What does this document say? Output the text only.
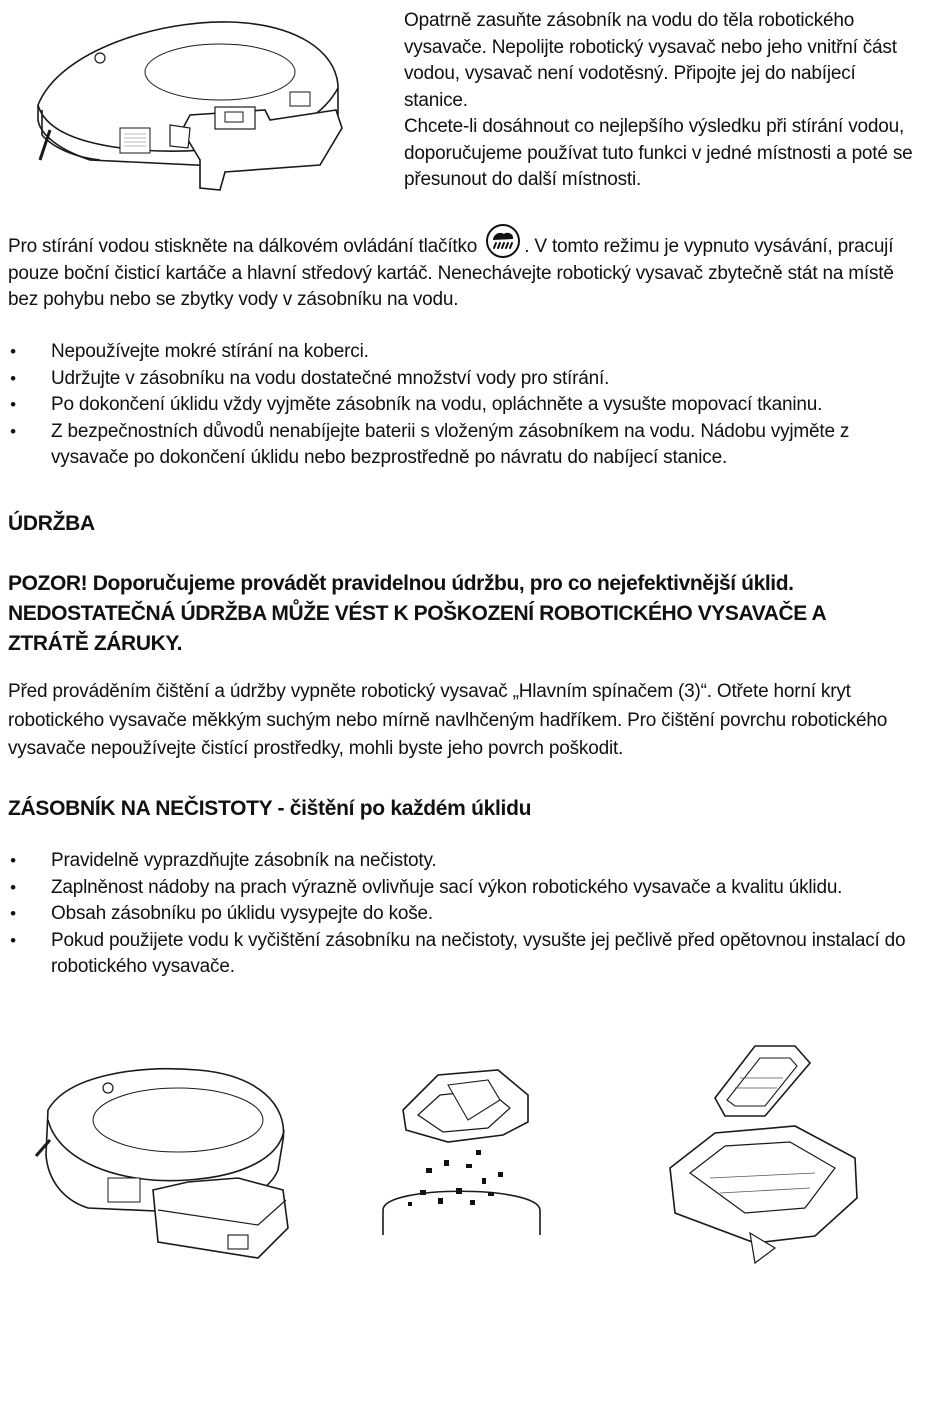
Opatrně zasuňte zásobník na vodu do těla robotického vysavače. Nepolijte robotický vysavač nebo jeho vnitřní část vodou, vysavač není vodotěsný. Připojte jej do nabíjecí stanice.

Chcete-li dosáhnout co nejlepšího výsledku při stírání vodou, doporučujeme používat tuto funkci v jedné místnosti a poté se přesunout do další místnosti.

Pro stírání vodou stiskněte na dálkovém ovládání tlačítko . V tomto režimu je vypnuto vysávání, pracují pouze boční čisticí kartáče a hlavní středový kartáč. Nenechávejte robotický vysavač zbytečně stát na místě bez pohybu nebo se zbytky vody v zásobníku na vodu.
• Nepoužívejte mokré stírání na koberci.
• Udržujte v zásobníku na vodu dostatečné množství vody pro stírání.
• Po dokončení úklidu vždy vyjměte zásobník na vodu, opláchněte a vysušte mopovací tkaninu.
• Z bezpečnostních důvodů nenabíjejte baterii s vloženým zásobníkem na vodu. Nádobu vyjměte z vysavače po dokončení úklidu nebo bezprostředně po návratu do nabíjecí stanice.
ÚDRŽBA
POZOR! Doporučujeme provádět pravidelnou údržbu, pro co nejefektivnější úklid.
NEDOSTATEČNÁ ÚDRŽBA MŮŽE VÉST K POŠKOZENÍ ROBOTICKÉHO VYSAVAČE A ZTRÁTĚ ZÁRUKY.
Před prováděním čištění a údržby vypněte robotický vysavač „Hlavním spínačem (3)“. Otřete horní kryt robotického vysavače měkkým suchým nebo mírně navlhčeným hadříkem. Pro čištění povrchu robotického vysavače nepoužívejte čistící prostředky, mohli byste jeho povrch poškodit.
ZÁSOBNÍK NA NEČISTOTY - čištění po každém úklidu
• Pravidelně vyprazdňujte zásobník na nečistoty.
• Zaplněnost nádoby na prach výrazně ovlivňuje sací výkon robotického vysavače a kvalitu úklidu.
• Obsah zásobníku po úklidu vysypejte do koše.
• Pokud použijete vodu k vyčištění zásobníku na nečistoty, vysušte jej pečlivě před opětovnou instalací do robotického vysavače.
